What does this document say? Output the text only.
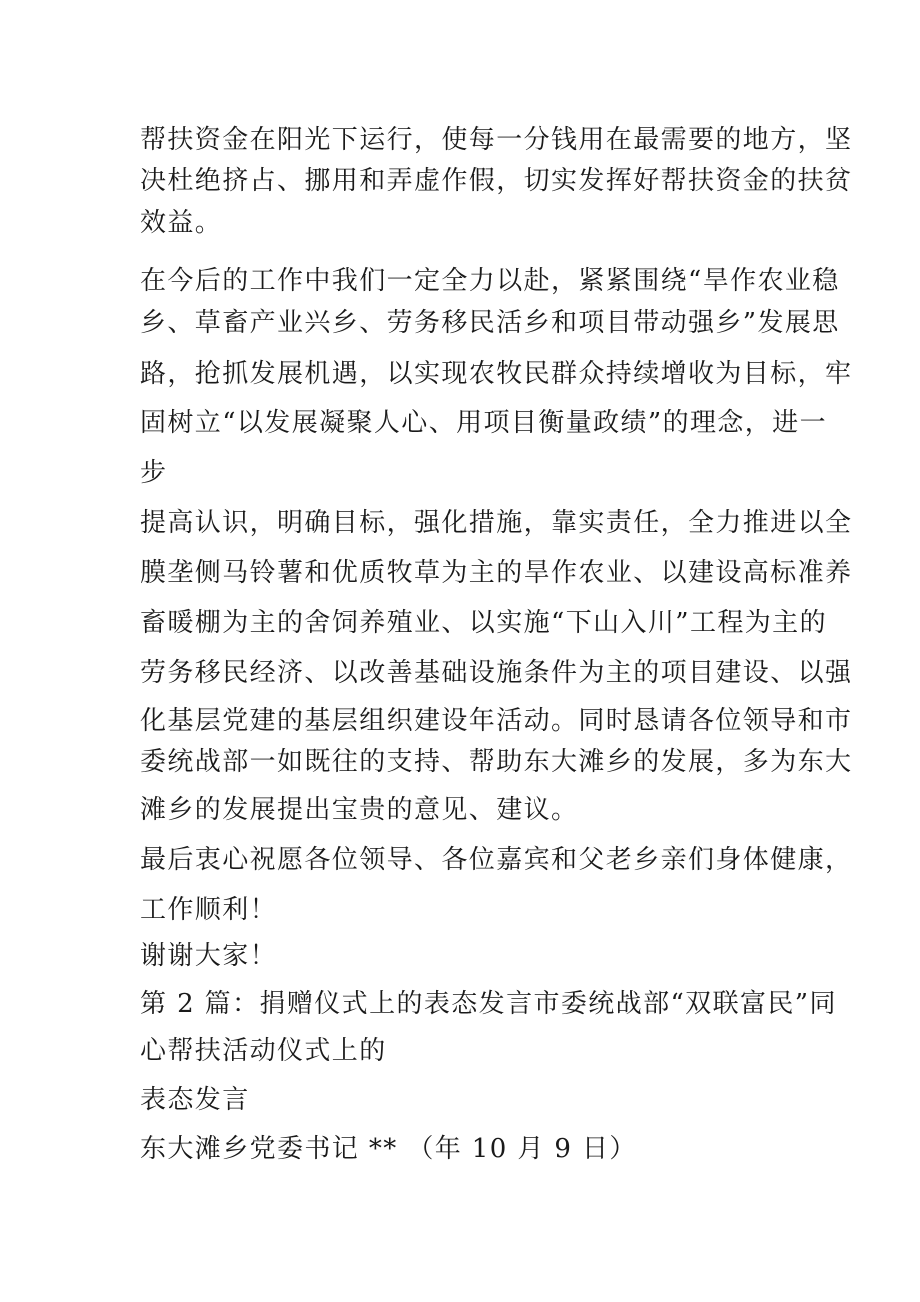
帮扶资金在阳光下运行，使每一分钱用在最需要的地方，坚
决杜绝挤占、挪用和弄虚作假，切实发挥好帮扶资金的扶贫
效益。
在今后的工作中我们一定全力以赴，紧紧围绕“旱作农业稳
乡、草畜产业兴乡、劳务移民活乡和项目带动强乡”发展思
路，抢抓发展机遇，以实现农牧民群众持续增收为目标，牢
固树立“以发展凝聚人心、用项目衡量政绩”的理念，进一
步
提高认识，明确目标，强化措施，靠实责任，全力推进以全
膜垄侧马铃薯和优质牧草为主的旱作农业、以建设高标准养
畜暖棚为主的舍饲养殖业、以实施“下山入川”工程为主的
劳务移民经济、以改善基础设施条件为主的项目建设、以强
化基层党建的基层组织建设年活动。同时恳请各位领导和市
委统战部一如既往的支持、帮助东大滩乡的发展，多为东大
滩乡的发展提出宝贵的意见、建议。
最后衷心祝愿各位领导、各位嘉宾和父老乡亲们身体健康，
工作顺利！
谢谢大家！
第 2 篇：捐赠仪式上的表态发言市委统战部“双联富民”同
心帮扶活动仪式上的
表态发言
东大滩乡党委书记 ** （年 10 月 9 日）
